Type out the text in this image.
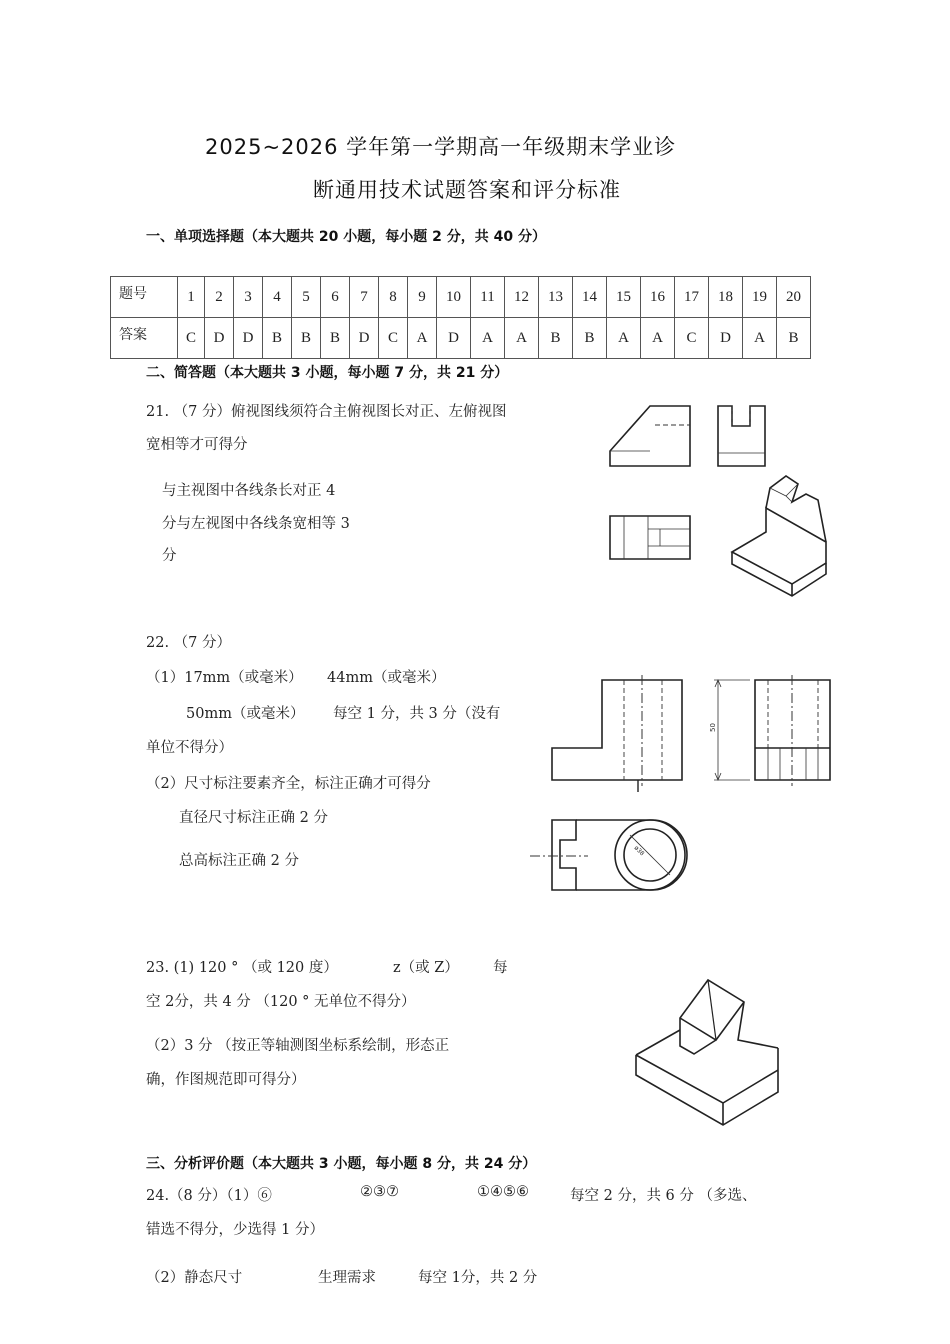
2025~2026 学年第一学期高一年级期末学业诊
断通用技术试题答案和评分标准
一、单项选择题（本大题共 20 小题，每小题 2 分，共 40 分）
题号	1	2	3	4	5	6	7	8	9	10	11	12	13	14	15	16	17	18	19	20
答案	C	D	D	B	B	B	D	C	A	D	A	A	B	B	A	A	C	D	A	B
二、简答题（本大题共 3 小题，每小题 7 分，共 21 分）
21. （7 分）俯视图线须符合主俯视图长对正、左俯视图
宽相等才可得分
与主视图中各线条长对正 4
分与左视图中各线条宽相等 3
分
22. （7 分）
（1）17mm（或毫米） 44mm（或毫米）
50mm（或毫米） 每空 1 分，共 3 分（没有
单位不得分）
（2）尺寸标注要素齐全，标注正确才可得分
直径尺寸标注正确 2 分
总高标注正确 2 分
50
ø38
23. (1) 120 ° （或 120 度）	z（或 Z） 每
空 2分，共 4 分 （120 ° 无单位不得分）
（2）3 分 （按正等轴测图坐标系绘制，形态正
确，作图规范即可得分）
三、分析评价题（本大题共 3 小题，每小题 8 分，共 24 分）
24.（8 分）（1）⑥	②③⑦	①④⑤⑥	每空 2 分，共 6 分 （多选、
错选不得分，少选得 1 分）
（2）静态尺寸	生理需求	每空 1分，共 2 分
